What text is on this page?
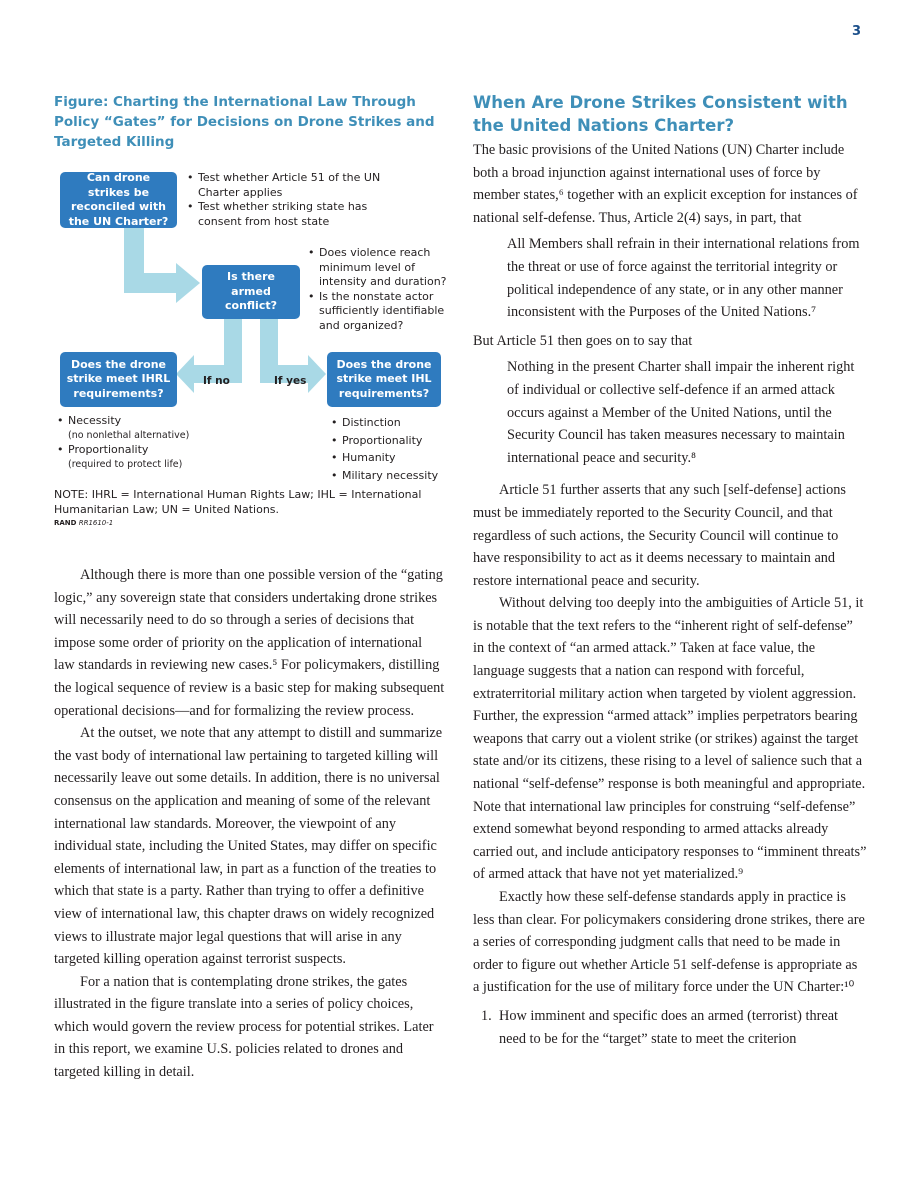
3
Figure: Charting the International Law Through Policy “Gates” for Decisions on Drone Strikes and Targeted Killing
Can drone strikes be reconciled with the UN Charter?
• Test whether Article 51 of the UN Charter applies
• Test whether striking state has consent from host state
Is there armed conflict?
• Does violence reach minimum level of intensity and duration?
• Is the nonstate actor sufficiently identifiable and organized?
Does the drone strike meet IHRL requirements?
Does the drone strike meet IHL requirements?
If no	If yes
• Necessity
(no nonlethal alternative)
• Proportionality
(required to protect life)
• Distinction
• Proportionality
• Humanity
• Military necessity
NOTE: IHRL = International Human Rights Law; IHL = International Humanitarian Law; UN = United Nations.
RAND RR1610-1

Although there is more than one possible version of the “gating logic,” any sovereign state that considers undertaking drone strikes will necessarily need to do so through a series of decisions that impose some order of priority on the application of international law standards in reviewing new cases.⁵ For policymakers, distilling the logical sequence of review is a basic step for making subsequent operational decisions—and for formalizing the review process.

At the outset, we note that any attempt to distill and summarize the vast body of international law pertaining to targeted killing will necessarily leave out some details. In addition, there is no universal consensus on the application and meaning of some of the relevant international law standards. Moreover, the viewpoint of any individual state, including the United States, may differ on specific elements of international law, in part as a function of the treaties to which that state is a party. Rather than trying to offer a definitive view of international law, this chapter draws on widely recognized views to illustrate major legal questions that will arise in any targeted killing operation against terrorist suspects.

For a nation that is contemplating drone strikes, the gates illustrated in the figure translate into a series of policy choices, which would govern the review process for potential strikes. Later in this report, we examine U.S. policies related to drones and targeted killing in detail.

When Are Drone Strikes Consistent with the United Nations Charter?

The basic provisions of the United Nations (UN) Charter include both a broad injunction against international uses of force by member states,⁶ together with an explicit exception for instances of national self-defense. Thus, Article 2(4) says, in part, that

All Members shall refrain in their international relations from the threat or use of force against the territorial integrity or political independence of any state, or in any other manner inconsistent with the Purposes of the United Nations.⁷

But Article 51 then goes on to say that

Nothing in the present Charter shall impair the inherent right of individual or collective self-defence if an armed attack occurs against a Member of the United Nations, until the Security Council has taken measures necessary to maintain international peace and security.⁸

Article 51 further asserts that any such [self-defense] actions must be immediately reported to the Security Council, and that regardless of such actions, the Security Council will continue to have responsibility to act as it deems necessary to maintain and restore international peace and security.

Without delving too deeply into the ambiguities of Article 51, it is notable that the text refers to the “inherent right of self-defense” in the context of “an armed attack.” Taken at face value, the language suggests that a nation can respond with forceful, extraterritorial military action when targeted by violent aggression. Further, the expression “armed attack” implies perpetrators bearing weapons that carry out a violent strike (or strikes) against the target state and/or its citizens, these rising to a level of salience such that a national “self-defense” response is both meaningful and appropriate. Note that international law principles for construing “self-defense” extend somewhat beyond responding to armed attacks already carried out, and include anticipatory responses to “imminent threats” of armed attack that have not yet materialized.⁹

Exactly how these self-defense standards apply in practice is less than clear. For policymakers considering drone strikes, there are a series of corresponding judgment calls that need to be made in order to figure out whether Article 51 self-defense is appropriate as a justification for the use of military force under the UN Charter:¹⁰

1. How imminent and specific does an armed (terrorist) threat need to be for the “target” state to meet the criterion
